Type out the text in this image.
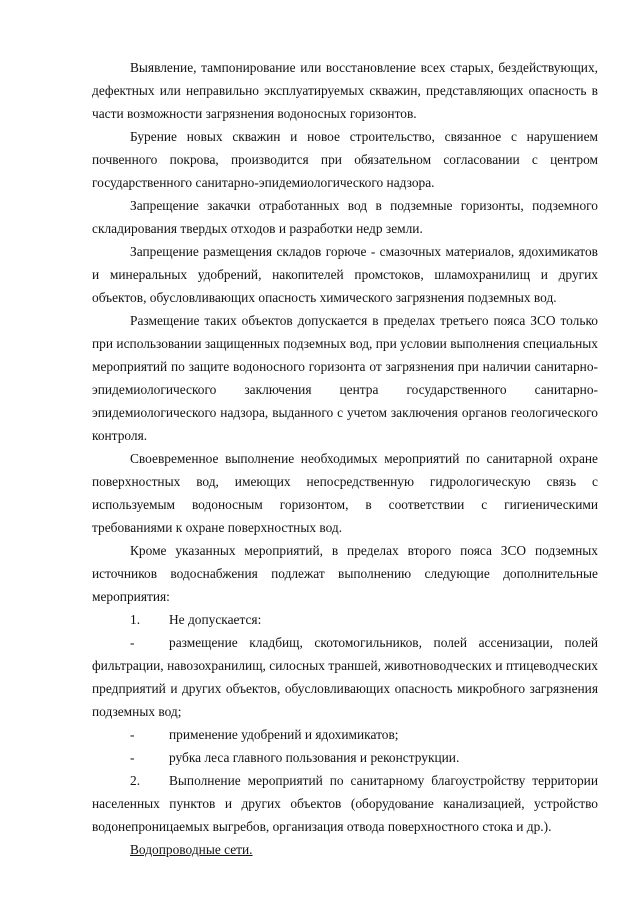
Выявление, тампонирование или восстановление всех старых, бездействующих, дефектных или неправильно эксплуатируемых скважин, представляющих опасность в части возможности загрязнения водоносных горизонтов.

Бурение новых скважин и новое строительство, связанное с нарушением почвенного покрова, производится при обязательном согласовании с центром государственного санитарно-эпидемиологического надзора.

Запрещение закачки отработанных вод в подземные горизонты, подземного складирования твердых отходов и разработки недр земли.

Запрещение размещения складов горюче - смазочных материалов, ядохимикатов и минеральных удобрений, накопителей промстоков, шламохранилищ и других объектов, обусловливающих опасность химического загрязнения подземных вод.

Размещение таких объектов допускается в пределах третьего пояса ЗСО только при использовании защищенных подземных вод, при условии выполнения специальных мероприятий по защите водоносного горизонта от загрязнения при наличии санитарно-эпидемиологического заключения центра государственного санитарно-эпидемиологического надзора, выданного с учетом заключения органов геологического контроля.

Своевременное выполнение необходимых мероприятий по санитарной охране поверхностных вод, имеющих непосредственную гидрологическую связь с используемым водоносным горизонтом, в соответствии с гигиеническими требованиями к охране поверхностных вод.

Кроме указанных мероприятий, в пределах второго пояса ЗСО подземных источников водоснабжения подлежат выполнению следующие дополнительные мероприятия:

1. Не допускается:

-	размещение кладбищ, скотомогильников, полей ассенизации, полей фильтрации, навозохранилищ, силосных траншей, животноводческих и птицеводческих предприятий и других объектов, обусловливающих опасность микробного загрязнения подземных вод;

-	применение удобрений и ядохимикатов;

-	рубка леса главного пользования и реконструкции.

2. Выполнение мероприятий по санитарному благоустройству территории населенных пунктов и других объектов (оборудование канализацией, устройство водонепроницаемых выгребов, организация отвода поверхностного стока и др.).

Водопроводные сети.
